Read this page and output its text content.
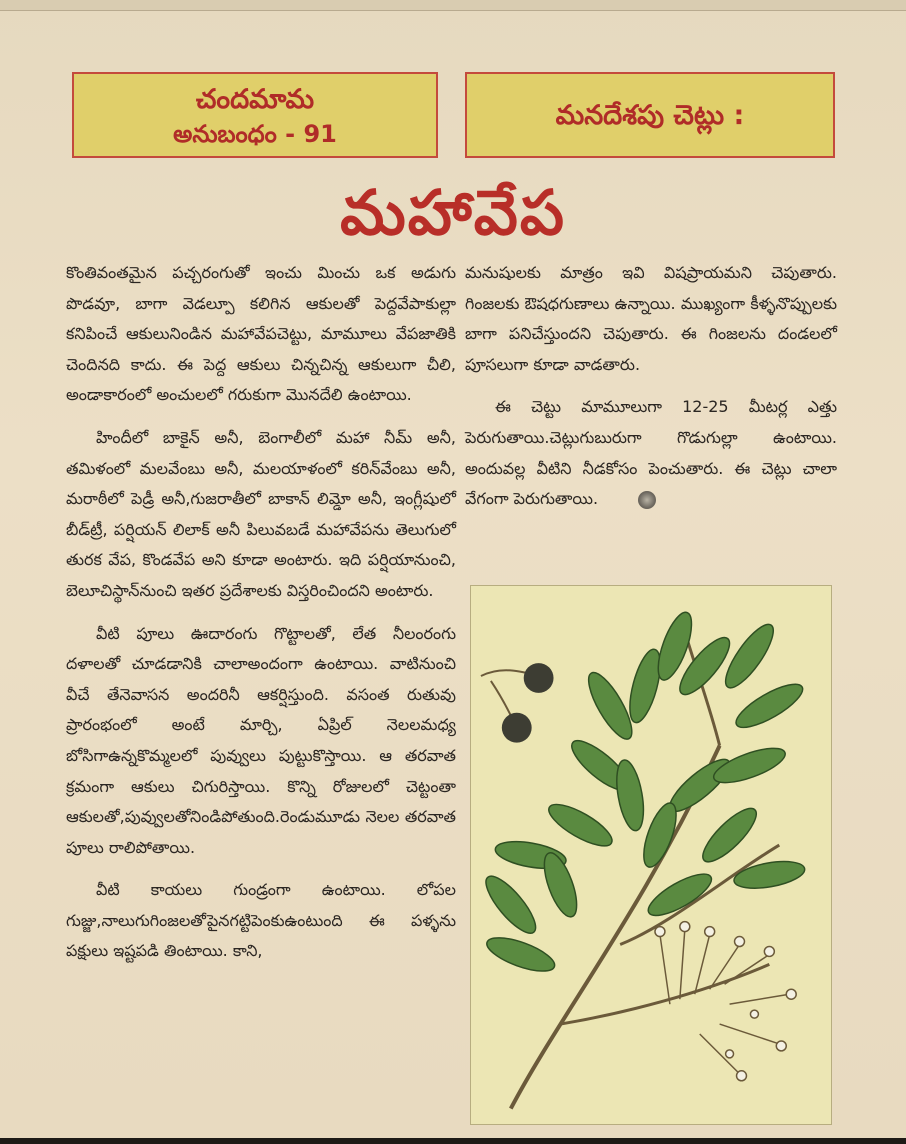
చందమామ
అనుబంధం - 91
మనదేశపు చెట్లు :
మహావేప

కొంతివంతమైన పచ్చరంగుతో ఇంచు మించు ఒక అడుగు పొడవూ, బాగా వెడల్పూ కలిగిన ఆకులతో పెద్దవేపాకుల్లా కనిపించే ఆకులునిండిన మహావేపచెట్టు, మామూలు వేపజాతికి చెందినది కాదు. ఈ పెద్ద ఆకులు చిన్నచిన్న ఆకులుగా చీలి, అండాకారంలో అంచులలో గరుకుగా మొనదేలి ఉంటాయి.

హిందీలో బాకైన్ అనీ, బెంగాలీలో మహా నీమ్ అనీ, తమిళంలో మలవేంబు అనీ, మలయాళంలో కరిన్‌వేంబు అనీ, మరాఠీలో పెడ్రీ అనీ,గుజరాతీలో బాకాన్ లిమ్డో అనీ, ఇంగ్లీషులో బీడ్‌ట్రీ, పర్షియన్ లిలాక్ అనీ పిలువబడే మహావేపను తెలుగులో తురక వేప, కొండవేప అని కూడా అంటారు. ఇది పర్షియానుంచి, బెలూచిస్థాన్‌నుంచి ఇతర ప్రదేశాలకు విస్తరించిందని అంటారు.

వీటి పూలు ఊదారంగు గొట్టాలతో, లేత నీలంరంగు దళాలతో చూడడానికి చాలాఅందంగా ఉంటాయి. వాటినుంచి వీచే తేనెవాసన అందరినీ ఆకర్షిస్తుంది. వసంత రుతువు ప్రారంభంలో అంటే మార్చి, ఏప్రిల్ నెలలమధ్య బోసిగాఉన్నకొమ్మలలో పువ్వులు పుట్టుకొస్తాయి. ఆ తరవాత క్రమంగా ఆకులు చిగురిస్తాయి. కొన్ని రోజులలో చెట్టంతా ఆకులతో,పువ్వులతోనిండిపోతుంది.రెండుమూడు నెలల తరవాత పూలు రాలిపోతాయి.

వీటి కాయలు గుండ్రంగా ఉంటాయి. లోపల గుజ్జు,నాలుగుగింజలతోపైనగట్టిపెంకుఉంటుంది ఈ పళ్ళను పక్షులు ఇష్టపడి తింటాయి. కాని,

మనుషులకు మాత్రం ఇవి విషప్రాయమని చెపుతారు. గింజలకు ఔషధగుణాలు ఉన్నాయి. ముఖ్యంగా కీళ్ళనొప్పులకు బాగా పనిచేస్తుందని చెపుతారు. ఈ గింజలను దండలలో పూసలుగా కూడా వాడతారు.

ఈ చెట్టు మామూలుగా 12-25 మీటర్ల ఎత్తు పెరుగుతాయి.చెట్లుగుబురుగా గొడుగుల్లా ఉంటాయి. అందువల్ల వీటిని నీడకోసం పెంచుతారు. ఈ చెట్లు చాలా వేగంగా పెరుగుతాయి.
